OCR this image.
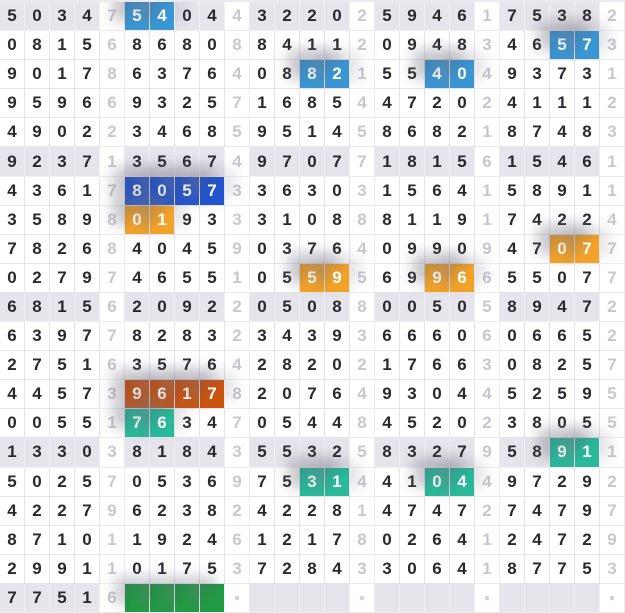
5 0 3 4 7 5 4 0 4 4 3 2 2 0 2 5 9 4 6 1 7 5 3 8 2
0 8 1 5 6 8 6 8 0 8 8 4 1 1 2 0 9 4 8 3 4 6 5 7 3
9 0 1 7 8 6 3 7 6 4 0 8 8 2 1 5 5 4 0 4 9 3 7 3 1
9 5 9 6 6 9 3 2 5 7 1 6 8 5 4 4 7 2 0 2 4 1 1 1 2
4 9 0 2 2 3 4 6 8 5 9 5 1 4 5 8 6 8 2 1 8 7 4 8 3
9 2 3 7 1 3 5 6 7 4 9 7 0 7 7 1 8 1 5 6 1 5 4 6 1
4 3 6 1 7 8 0 5 7 3 3 6 3 0 3 1 5 6 4 1 5 8 9 1 1
3 5 8 9 8 0 1 9 3 3 3 1 0 8 8 8 1 1 9 1 7 4 2 2 4
7 8 2 6 8 4 0 4 5 9 0 3 7 6 4 0 9 9 0 9 4 7 0 7 7
0 2 7 9 7 4 6 5 5 1 0 5 5 9 5 6 9 9 6 6 5 5 0 7 7
6 8 1 5 6 2 0 9 2 2 0 5 0 8 8 0 0 5 0 5 8 9 4 7 2
6 3 9 7 7 8 2 8 3 2 3 4 3 9 3 6 6 6 0 6 0 6 6 5 2
2 7 5 1 6 3 5 7 6 4 2 8 2 0 2 1 7 6 6 3 0 8 2 5 7
4 4 5 7 3 9 6 1 7 8 2 0 7 6 4 9 3 0 4 4 5 2 5 9 5
0 0 5 5 1 7 6 3 4 7 0 5 4 4 8 4 5 2 0 2 3 8 0 5 5
1 3 3 0 3 8 1 8 4 3 5 5 3 2 5 8 3 2 7 9 5 8 9 1 1
5 0 2 5 7 0 5 3 6 9 7 5 3 1 4 4 1 0 4 4 9 7 2 9 2
4 2 2 7 9 6 2 3 8 2 4 2 2 8 1 4 7 4 7 2 7 4 7 9 7
8 7 1 0 1 1 9 2 4 6 1 2 1 7 8 0 2 6 4 1 2 4 7 2 9
2 9 9 1 1 0 1 7 5 3 7 2 8 4 3 3 0 6 4 1 8 7 7 5 3
7 7 5 1 6
